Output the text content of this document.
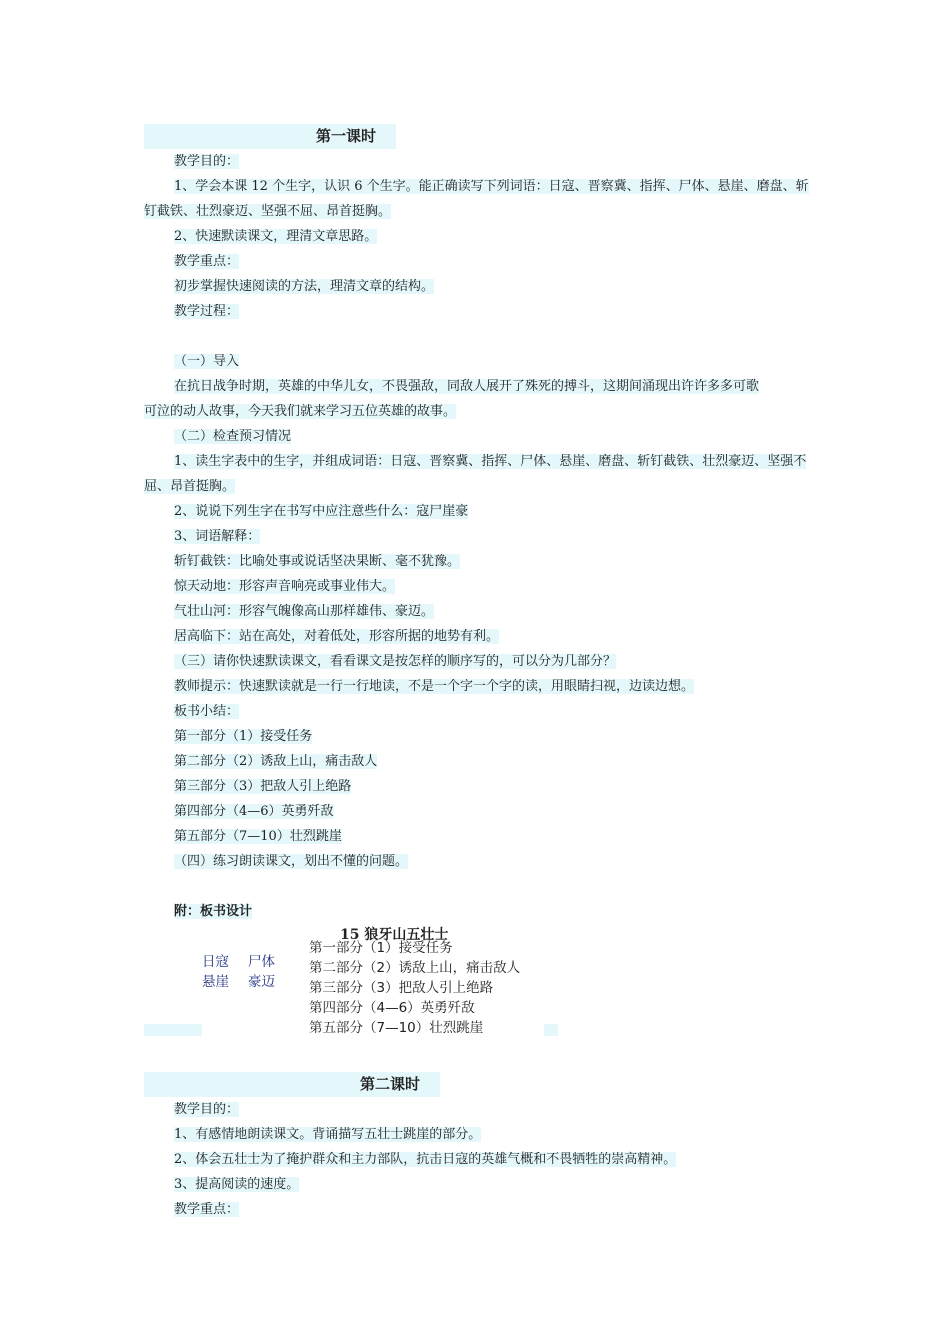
第一课时
教学目的：
1、学会本课 12 个生字，认识 6 个生字。能正确读写下列词语：日寇、晋察冀、指挥、尸体、悬崖、磨盘、斩
钉截铁、壮烈豪迈、坚强不屈、昂首挺胸。
2、快速默读课文，理清文章思路。
教学重点：
初步掌握快速阅读的方法，理清文章的结构。
教学过程：
（一）导入
在抗日战争时期，英雄的中华儿女，不畏强敌，同敌人展开了殊死的搏斗，这期间涌现出许许多多可歌
可泣的动人故事，今天我们就来学习五位英雄的故事。
（二）检查预习情况
1、读生字表中的生字，并组成词语：日寇、晋察冀、指挥、尸体、悬崖、磨盘、斩钉截铁、壮烈豪迈、坚强不
屈、昂首挺胸。
2、说说下列生字在书写中应注意些什么：寇尸崖豪
3、词语解释：
斩钉截铁：比喻处事或说话坚决果断、毫不犹豫。
惊天动地：形容声音响亮或事业伟大。
气壮山河：形容气魄像高山那样雄伟、豪迈。
居高临下：站在高处，对着低处，形容所据的地势有利。
（三）请你快速默读课文，看看课文是按怎样的顺序写的，可以分为几部分？
教师提示：快速默读就是一行一行地读，不是一个字一个字的读，用眼睛扫视，边读边想。
板书小结：
第一部分（1）接受任务
第二部分（2）诱敌上山，痛击敌人
第三部分（3）把敌人引上绝路
第四部分（4—6）英勇歼敌
第五部分（7—10）壮烈跳崖
（四）练习朗读课文，划出不懂的问题。
附：板书设计
15 狼牙山五壮士
日寇 尸体
悬崖 豪迈
第一部分（1）接受任务
第二部分（2）诱敌上山，痛击敌人
第三部分（3）把敌人引上绝路
第四部分（4—6）英勇歼敌
第五部分（7—10）壮烈跳崖
第二课时
教学目的：
1、有感情地朗读课文。背诵描写五壮士跳崖的部分。
2、体会五壮士为了掩护群众和主力部队，抗击日寇的英雄气概和不畏牺牲的崇高精神。
3、提高阅读的速度。
教学重点：
